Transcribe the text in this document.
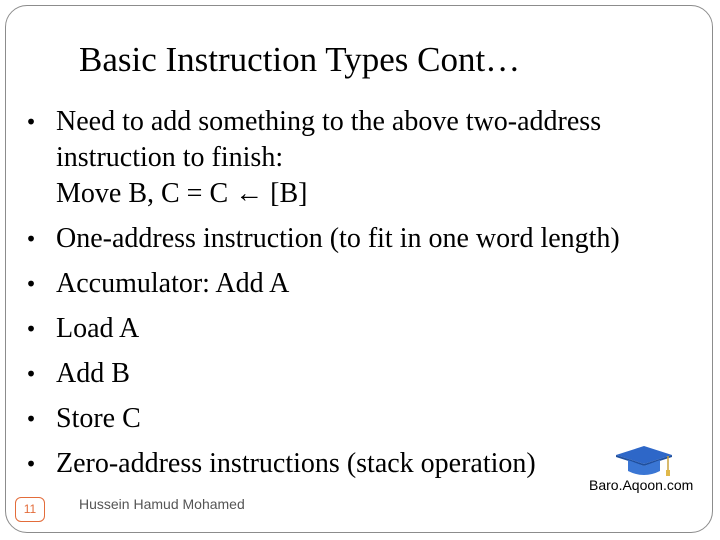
Basic Instruction Types Cont…
• Need to add something to the above two-address
instruction to finish:
Move B, C = C ← [B]
• One-address instruction (to fit in one word length)
• Accumulator: Add A
• Load A
• Add B
• Store C
• Zero-address instructions (stack operation)
11	Hussein Hamud Mohamed
Baro.Aqoon.com
